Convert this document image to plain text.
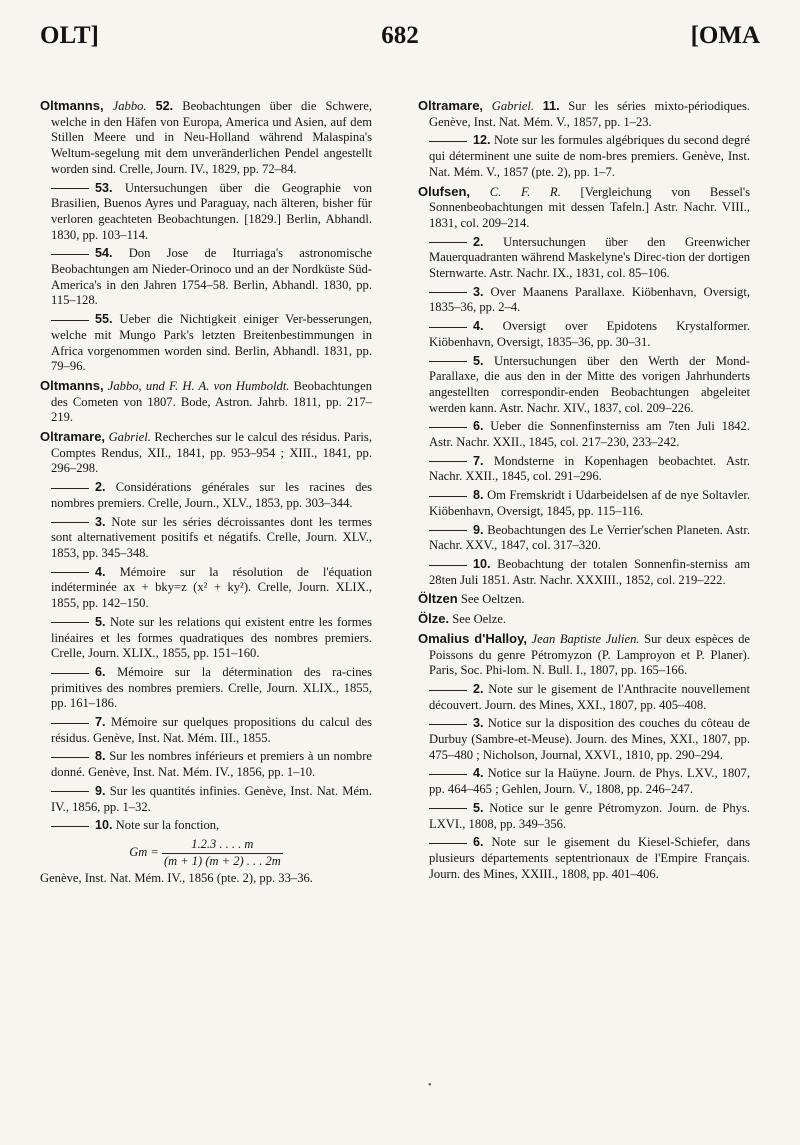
OLT]	682	[OMA

Oltmanns, Jabbo. 52. Beobachtungen über die Schwere, welche in den Häfen von Europa, America und Asien, auf dem Stillen Meere und in Neu-Holland während Malaspina's Weltum-segelung mit dem unveränderlichen Pendel angestellt worden sind. Crelle, Journ. IV., 1829, pp. 72–84.

53. Untersuchungen über die Geographie von Brasilien, Buenos Ayres und Paraguay, nach älteren, bisher für verloren geachteten Beobachtungen. [1829.] Berlin, Abhandl. 1830, pp. 103–114.

54. Don Jose de Iturriaga's astronomische Beobachtungen am Nieder-Orinoco und an der Nordküste Süd-America's in den Jahren 1754–58. Berlin, Abhandl. 1830, pp. 115–128.

55. Ueber die Nichtigkeit einiger Ver-besserungen, welche mit Mungo Park's letzten Breitenbestimmungen in Africa vorgenommen worden sind. Berlin, Abhandl. 1831, pp. 79–96.

Oltmanns, Jabbo, und F. H. A. von Humboldt. Beobachtungen des Cometen von 1807. Bode, Astron. Jahrb. 1811, pp. 217–219.

Oltramare, Gabriel. Recherches sur le calcul des résidus. Paris, Comptes Rendus, XII., 1841, pp. 953–954 ; XIII., 1841, pp. 296–298.

2. Considérations générales sur les racines des nombres premiers. Crelle, Journ., XLV., 1853, pp. 303–344.

3. Note sur les séries décroissantes dont les termes sont alternativement positifs et négatifs. Crelle, Journ. XLV., 1853, pp. 345–348.

4. Mémoire sur la résolution de l'équation indéterminée ax + bky=z (x² + ky²). Crelle, Journ. XLIX., 1855, pp. 142–150.

5. Note sur les relations qui existent entre les formes linéaires et les formes quadratiques des nombres premiers. Crelle, Journ. XLIX., 1855, pp. 151–160.

6. Mémoire sur la détermination des ra-cines primitives des nombres premiers. Crelle, Journ. XLIX., 1855, pp. 161–186.

7. Mémoire sur quelques propositions du calcul des résidus. Genève, Inst. Nat. Mém. III., 1855.

8. Sur les nombres inférieurs et premiers à un nombre donné. Genève, Inst. Nat. Mém. IV., 1856, pp. 1–10.

9. Sur les quantités infinies. Genève, Inst. Nat. Mém. IV., 1856, pp. 1–32.

10. Note sur la fonction,

$Gm = \frac{1.2.3 . . . . m}{(m + 1) (m + 2) . . . 2m}$

Genève, Inst. Nat. Mém. IV., 1856 (pte. 2), pp. 33–36.

Oltramare, Gabriel. 11. Sur les séries mixto-périodiques. Genève, Inst. Nat. Mém. V., 1857, pp. 1–23.

12. Note sur les formules algébriques du second degré qui déterminent une suite de nom-bres premiers. Genève, Inst. Nat. Mém. V., 1857 (pte. 2), pp. 1–7.

Olufsen, C. F. R. [Vergleichung von Bessel's Sonnenbeobachtungen mit dessen Tafeln.] Astr. Nachr. VIII., 1831, col. 209–214.

2. Untersuchungen über den Greenwicher Mauerquadranten während Maskelyne's Direc-tion der dortigen Sternwarte. Astr. Nachr. IX., 1831, col. 85–106.

3. Over Maanens Parallaxe. Kiöbenhavn, Oversigt, 1835–36, pp. 2–4.

4. Oversigt over Epidotens Krystalformer. Kiöbenhavn, Oversigt, 1835–36, pp. 30–31.

5. Untersuchungen über den Werth der Mond-Parallaxe, die aus den in der Mitte des vorigen Jahrhunderts angestellten correspondir-enden Beobachtungen abgeleitet werden kann. Astr. Nachr. XIV., 1837, col. 209–226.

6. Ueber die Sonnenfinsterniss am 7ten Juli 1842. Astr. Nachr. XXII., 1845, col. 217–230, 233–242.

7. Mondsterne in Kopenhagen beobachtet. Astr. Nachr. XXII., 1845, col. 291–296.

8. Om Fremskridt i Udarbeidelsen af de nye Soltavler. Kiöbenhavn, Oversigt, 1845, pp. 115–116.

9. Beobachtungen des Le Verrier'schen Planeten. Astr. Nachr. XXV., 1847, col. 317–320.

10. Beobachtung der totalen Sonnenfin-sterniss am 28ten Juli 1851. Astr. Nachr. XXXIII., 1852, col. 219–222.

Öltzen See Oeltzen.

Ölze. See Oelze.

Omalius d'Halloy, Jean Baptiste Julien. Sur deux espèces de Poissons du genre Pétromyzon (P. Lamproyon et P. Planer). Paris, Soc. Phi-lom. N. Bull. I., 1807, pp. 165–166.

2. Note sur le gisement de l'Anthracite nouvellement découvert. Journ. des Mines, XXI., 1807, pp. 405–408.

3. Notice sur la disposition des couches du côteau de Durbuy (Sambre-et-Meuse). Journ. des Mines, XXI., 1807, pp. 475–480 ; Nicholson, Journal, XXVI., 1810, pp. 290–294.

4. Notice sur la Haüyne. Journ. de Phys. LXV., 1807, pp. 464–465 ; Gehlen, Journ. V., 1808, pp. 246–247.

5. Notice sur le genre Pétromyzon. Journ. de Phys. LXVI., 1808, pp. 349–356.

6. Note sur le gisement du Kiesel-Schiefer, dans plusieurs départements septentrionaux de l'Empire Français. Journ. des Mines, XXIII., 1808, pp. 401–406.

•
